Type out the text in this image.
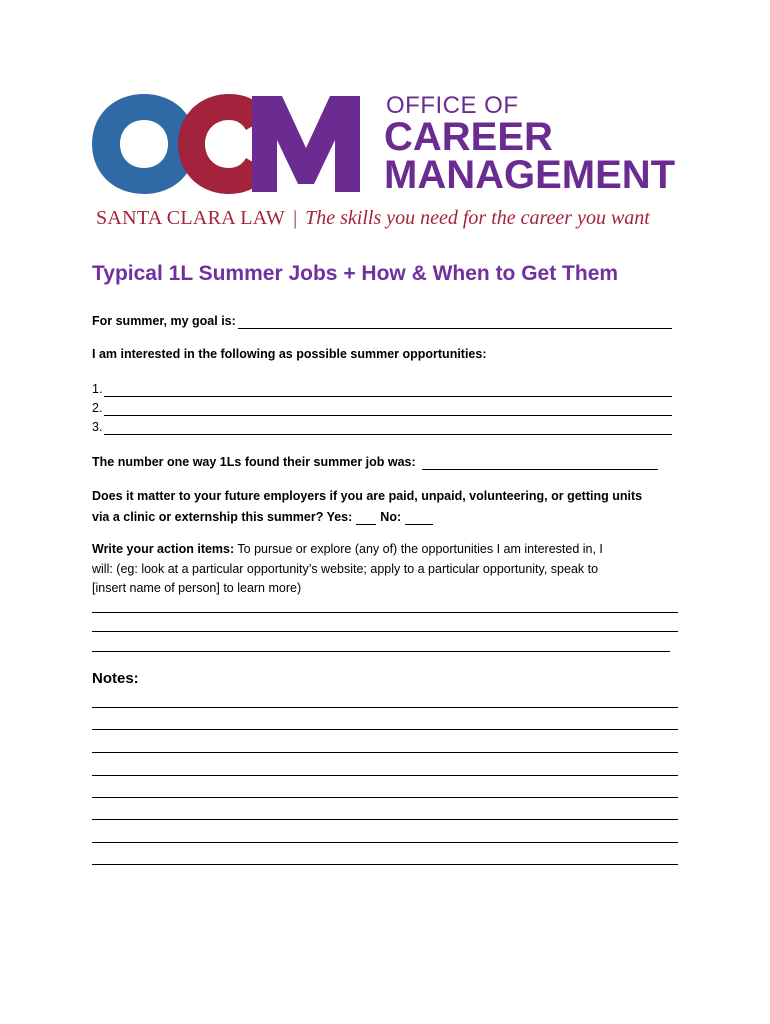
OFFICE OF
CAREER
MANAGEMENT
SANTA CLARA LAW | The skills you need for the career you want
Typical 1L Summer Jobs + How & When to Get Them
For summer, my goal is:
I am interested in the following as possible summer opportunities:
1.
2.
3.
The number one way 1Ls found their summer job was:
Does it matter to your future employers if you are paid, unpaid, volunteering, or getting units
via a clinic or externship this summer? Yes: No:
Write your action items: To pursue or explore (any of) the opportunities I am interested in, I
will: (eg: look at a particular opportunity’s website; apply to a particular opportunity, speak to
[insert name of person] to learn more)
Notes:
